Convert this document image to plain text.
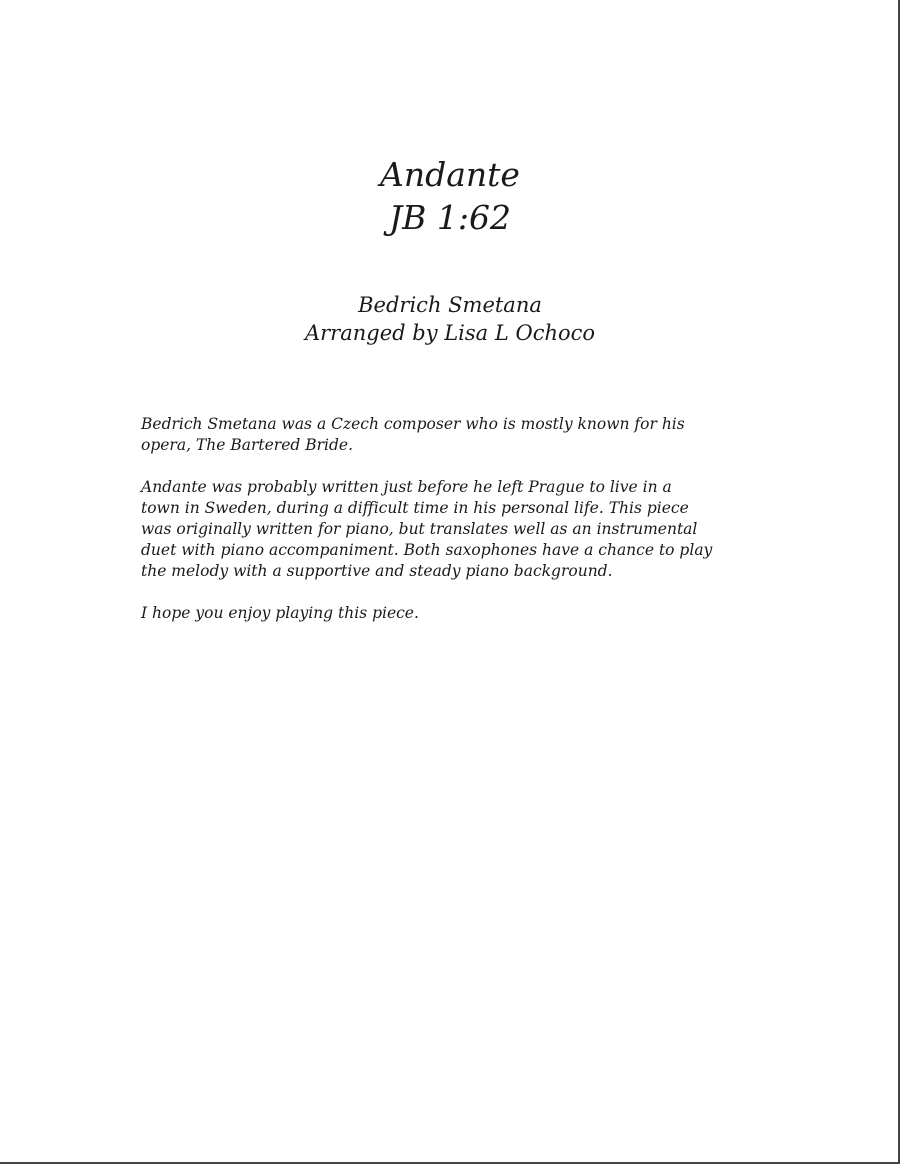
Andante
JB 1:62
Bedrich Smetana
Arranged by Lisa L Ochoco

Bedrich Smetana was a Czech composer who is mostly known for his
opera, The Bartered Bride.

Andante was probably written just before he left Prague to live in a
town in Sweden, during a difficult time in his personal life. This piece
was originally written for piano, but translates well as an instrumental
duet with piano accompaniment. Both saxophones have a chance to play
the melody with a supportive and steady piano background.

I hope you enjoy playing this piece.
